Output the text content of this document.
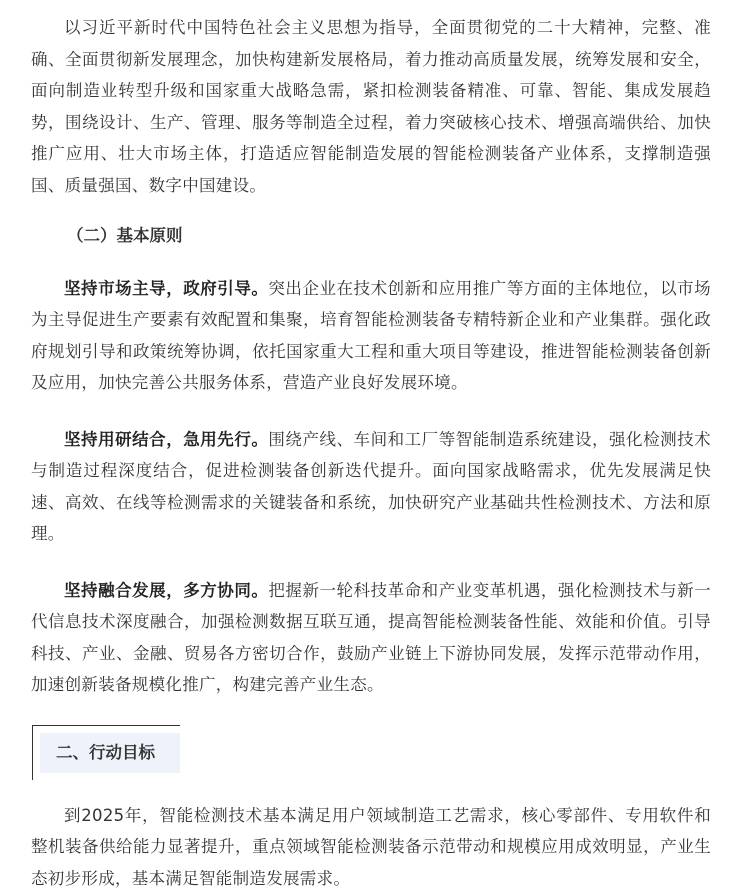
以习近平新时代中国特色社会主义思想为指导，全面贯彻党的二十大精神，完整、准确、全面贯彻新发展理念，加快构建新发展格局，着力推动高质量发展，统筹发展和安全，面向制造业转型升级和国家重大战略急需，紧扣检测装备精准、可靠、智能、集成发展趋势，围绕设计、生产、管理、服务等制造全过程，着力突破核心技术、增强高端供给、加快推广应用、壮大市场主体，打造适应智能制造发展的智能检测装备产业体系，支撑制造强国、质量强国、数字中国建设。

（二）基本原则

坚持市场主导，政府引导。突出企业在技术创新和应用推广等方面的主体地位，以市场为主导促进生产要素有效配置和集聚，培育智能检测装备专精特新企业和产业集群。强化政府规划引导和政策统筹协调，依托国家重大工程和重大项目等建设，推进智能检测装备创新及应用，加快完善公共服务体系，营造产业良好发展环境。

坚持用研结合，急用先行。围绕产线、车间和工厂等智能制造系统建设，强化检测技术与制造过程深度结合，促进检测装备创新迭代提升。面向国家战略需求，优先发展满足快速、高效、在线等检测需求的关键装备和系统，加快研究产业基础共性检测技术、方法和原理。

坚持融合发展，多方协同。把握新一轮科技革命和产业变革机遇，强化检测技术与新一代信息技术深度融合，加强检测数据互联互通，提高智能检测装备性能、效能和价值。引导科技、产业、金融、贸易各方密切合作，鼓励产业链上下游协同发展，发挥示范带动作用，加速创新装备规模化推广，构建完善产业生态。

二、行动目标

到2025年，智能检测技术基本满足用户领域制造工艺需求，核心零部件、专用软件和整机装备供给能力显著提升，重点领域智能检测装备示范带动和规模应用成效明显，产业生态初步形成，基本满足智能制造发展需求。
